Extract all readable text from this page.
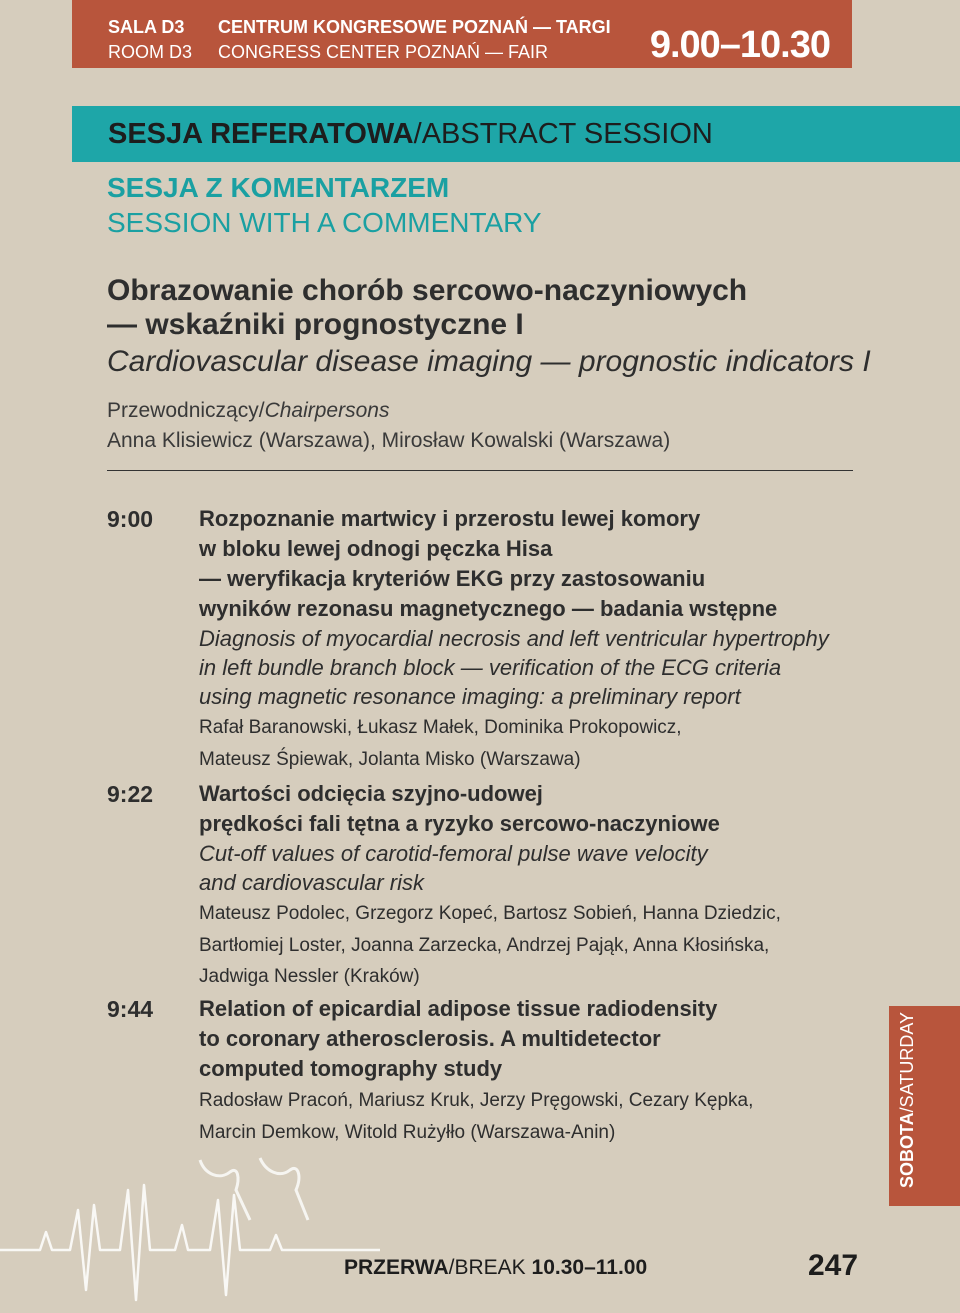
SALA D3
ROOM D3
CENTRUM KONGRESOWE POZNAŃ — TARGI
CONGRESS CENTER POZNAŃ — FAIR	9.00–10.30
SESJA REFERATOWA/ABSTRACT SESSION
SESJA Z KOMENTARZEM
SESSION WITH A COMMENTARY
Obrazowanie chorób sercowo-naczyniowych
— wskaźniki prognostyczne I
Cardiovascular disease imaging — prognostic indicators I
Przewodniczący/Chairpersons
Anna Klisiewicz (Warszawa), Mirosław Kowalski (Warszawa)
9:00 Rozpoznanie martwicy i przerostu lewej komory
w bloku lewej odnogi pęczka Hisa
— weryfikacja kryteriów EKG przy zastosowaniu
wyników rezonasu magnetycznego — badania wstępne
Diagnosis of myocardial necrosis and left ventricular hypertrophy
in left bundle branch block — verification of the ECG criteria
using magnetic resonance imaging: a preliminary report
Rafał Baranowski, Łukasz Małek, Dominika Prokopowicz,
Mateusz Śpiewak, Jolanta Misko (Warszawa)
9:22 Wartości odcięcia szyjno-udowej
prędkości fali tętna a ryzyko sercowo-naczyniowe
Cut-off values of carotid-femoral pulse wave velocity
and cardiovascular risk
Mateusz Podolec, Grzegorz Kopeć, Bartosz Sobień, Hanna Dziedzic,
Bartłomiej Loster, Joanna Zarzecka, Andrzej Pająk, Anna Kłosińska,
Jadwiga Nessler (Kraków)
9:44 Relation of epicardial adipose tissue radiodensity
to coronary atherosclerosis. A multidetector
computed tomography study
Radosław Pracoń, Mariusz Kruk, Jerzy Pręgowski, Cezary Kępka,
Marcin Demkow, Witold Rużyłło (Warszawa-Anin)	SOBOTA/SATURDAY
PRZERWA/BREAK 10.30–11.00	247
